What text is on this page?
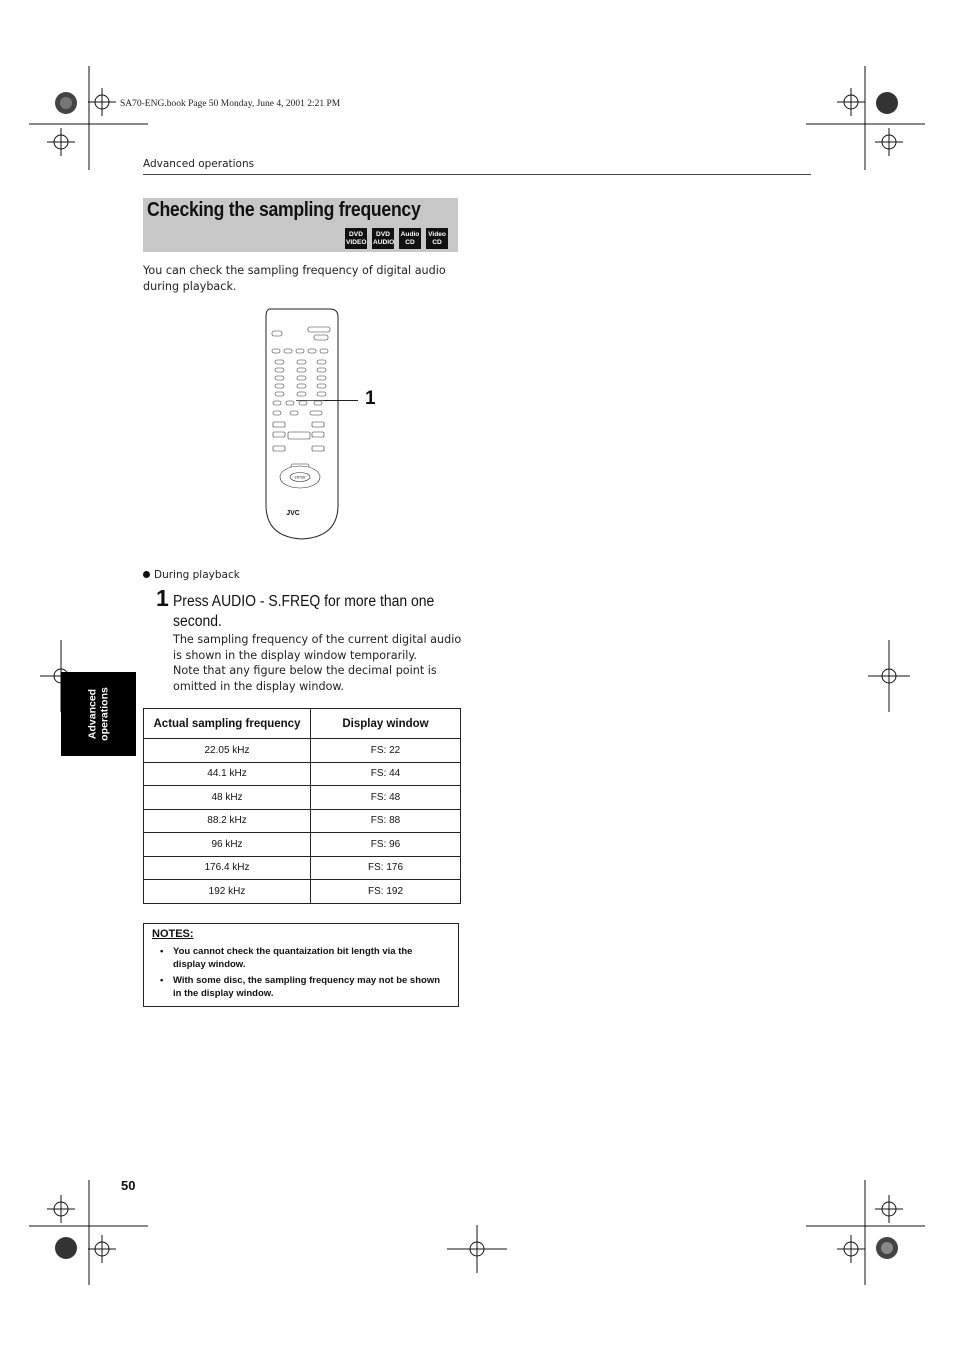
SA70-ENG.book Page 50 Monday, June 4, 2001 2:21 PM
Advanced operations
Checking the sampling frequency
DVD
VIDEO
DVD
AUDIO
Audio
CD
Video
CD
You can check the sampling frequency of digital audio during playback.
ENTER
JVC
1
During playback
1 Press AUDIO - S.FREQ for more than one second.
The sampling frequency of the current digital audio is shown in the display window temporarily.
Note that any figure below the decimal point is omitted in the display window.
Advanced
operations	Actual sampling frequency	Display window
22.05 kHz	FS: 22
44.1 kHz	FS: 44
48 kHz	FS: 48
88.2 kHz	FS: 88
96 kHz	FS: 96
176.4 kHz	FS: 176
192 kHz	FS: 192
NOTES:
• You cannot check the quantaization bit length via the display window.
• With some disc, the sampling frequency may not be shown in the display window.
50
